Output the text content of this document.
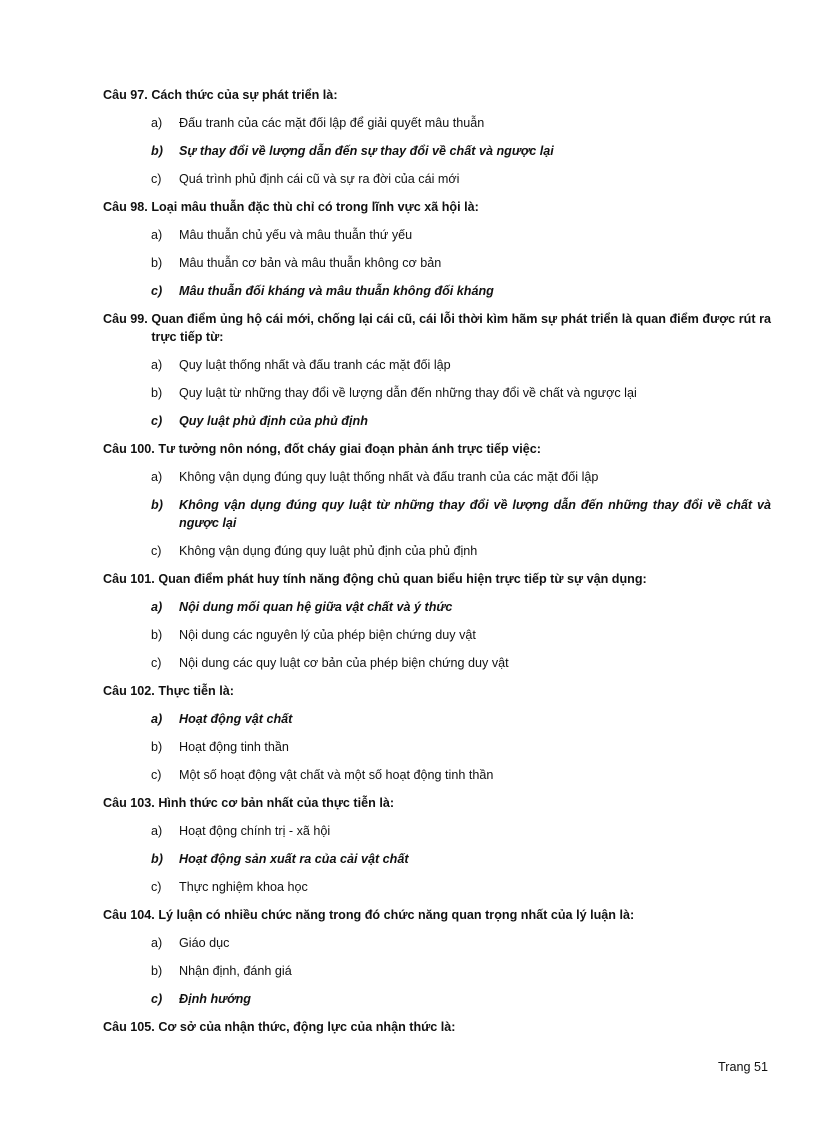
Câu 97.
Cách thức của sự phát triển là:
a)	Đấu tranh của các mặt đối lập để giải quyết mâu thuẫn
b)	Sự thay đổi về lượng dẫn đến sự thay đổi về chất và ngược lại
c)	Quá trình phủ định cái cũ và sự ra đời của cái mới
Câu 98.
Loại mâu thuẫn đặc thù chỉ có trong lĩnh vực xã hội là:
a)	Mâu thuẫn chủ yếu và mâu thuẫn thứ yếu
b)	Mâu thuẫn cơ bản và mâu thuẫn không cơ bản
c)	Mâu thuẫn đối kháng và mâu thuẫn không đối kháng
Câu 99.
Quan điểm ủng hộ cái mới, chống lại cái cũ, cái lỗi thời kìm hãm sự phát triển là quan điểm được rút ra trực tiếp từ:
a)	Quy luật thống nhất và đấu tranh các mặt đối lập
b)	Quy luật từ những thay đổi về lượng dẫn đến những thay đổi về chất và ngược lại
c)	Quy luật phủ định của phủ định
Câu 100.
Tư tưởng nôn nóng, đốt cháy giai đoạn phản ánh trực tiếp việc:
a)	Không vận dụng đúng quy luật thống nhất và đấu tranh của các mặt đối lập
b)	Không vận dụng đúng quy luật từ những thay đổi về lượng dẫn đến những thay đổi về chất và ngược lại
c)	Không vận dụng đúng quy luật phủ định của phủ định
Câu 101.
Quan điểm phát huy tính năng động chủ quan biểu hiện trực tiếp từ sự vận dụng:
a)	Nội dung mối quan hệ giữa vật chất và ý thức
b)	Nội dung các nguyên lý của phép biện chứng duy vật
c)	Nội dung các quy luật cơ bản của phép biện chứng duy vật
Câu 102.
Thực tiễn là:
a)	Hoạt động vật chất
b)	Hoạt động tinh thần
c)	Một số hoạt động vật chất và một số hoạt động tinh thần
Câu 103.
Hình thức cơ bản nhất của thực tiễn là:
a)	Hoạt động chính trị - xã hội
b)	Hoạt động sản xuất ra của cải vật chất
c)	Thực nghiệm khoa học
Câu 104.
Lý luận có nhiều chức năng trong đó chức năng quan trọng nhất của lý luận là:
a)	Giáo dục
b)	Nhận định, đánh giá
c)	Định hướng
Câu 105.
Cơ sở của nhận thức, động lực của nhận thức là:
Trang 51
